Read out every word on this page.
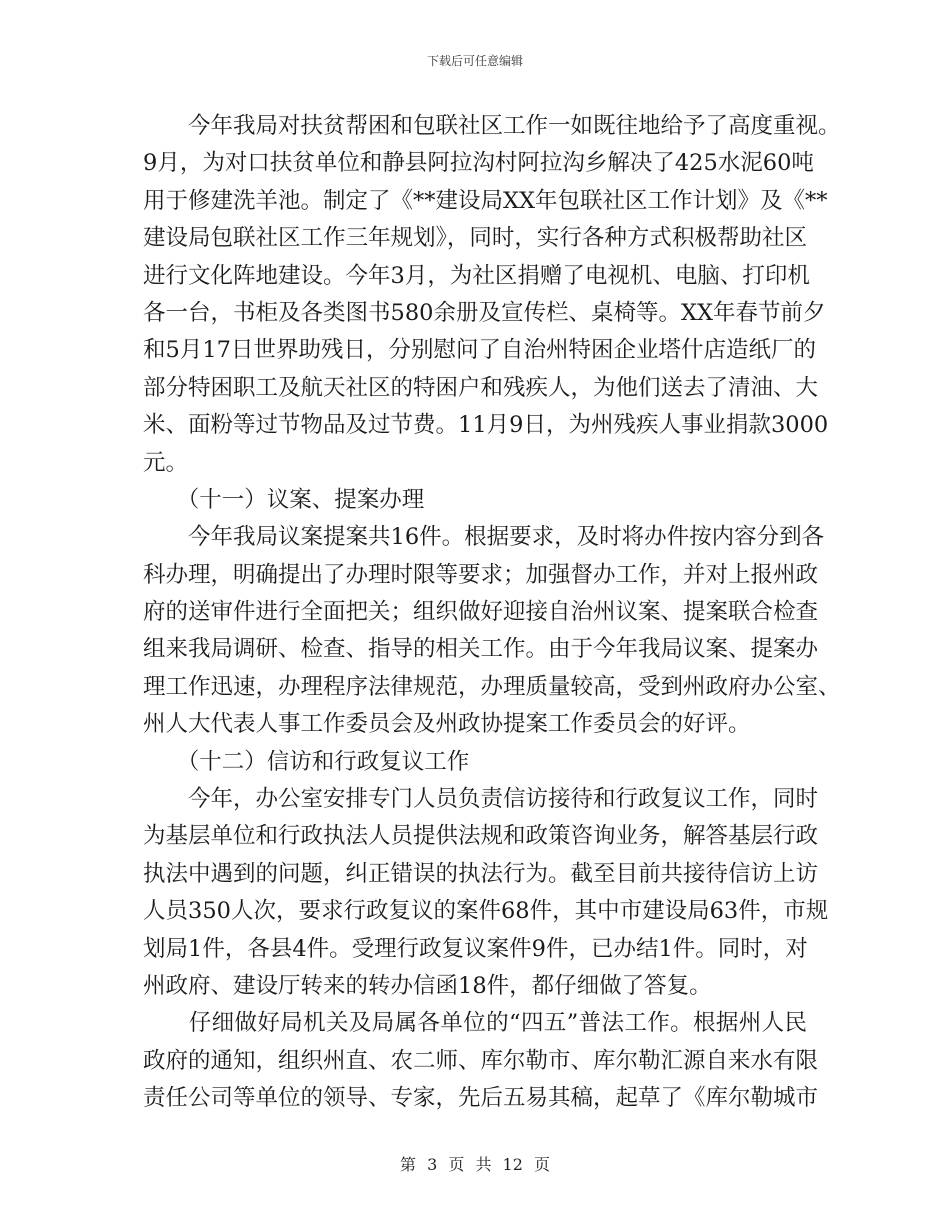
下载后可任意编辑
　　今年我局对扶贫帮困和包联社区工作一如既往地给予了高度重视。
9月，为对口扶贫单位和静县阿拉沟村阿拉沟乡解决了425水泥60吨
用于修建洗羊池。制定了《**建设局XX年包联社区工作计划》及《**
建设局包联社区工作三年规划》，同时，实行各种方式积极帮助社区
进行文化阵地建设。今年3月，为社区捐赠了电视机、电脑、打印机
各一台，书柜及各类图书580余册及宣传栏、桌椅等。XX年春节前夕
和5月17日世界助残日，分别慰问了自治州特困企业塔什店造纸厂的
部分特困职工及航天社区的特困户和残疾人，为他们送去了清油、大
米、面粉等过节物品及过节费。11月9日，为州残疾人事业捐款3000
元。
　　（十一）议案、提案办理
　　今年我局议案提案共16件。根据要求，及时将办件按内容分到各
科办理，明确提出了办理时限等要求；加强督办工作，并对上报州政
府的送审件进行全面把关；组织做好迎接自治州议案、提案联合检查
组来我局调研、检查、指导的相关工作。由于今年我局议案、提案办
理工作迅速，办理程序法律规范，办理质量较高，受到州政府办公室、
州人大代表人事工作委员会及州政协提案工作委员会的好评。
　　（十二）信访和行政复议工作
　　今年，办公室安排专门人员负责信访接待和行政复议工作，同时
为基层单位和行政执法人员提供法规和政策咨询业务，解答基层行政
执法中遇到的问题，纠正错误的执法行为。截至目前共接待信访上访
人员350人次，要求行政复议的案件68件，其中市建设局63件，市规
划局1件，各县4件。受理行政复议案件9件，已办结1件。同时，对
州政府、建设厅转来的转办信函18件，都仔细做了答复。
　　仔细做好局机关及局属各单位的“四五”普法工作。根据州人民
政府的通知，组织州直、农二师、库尔勒市、库尔勒汇源自来水有限
责任公司等单位的领导、专家，先后五易其稿，起草了《库尔勒城市
第 3 页 共 12 页
